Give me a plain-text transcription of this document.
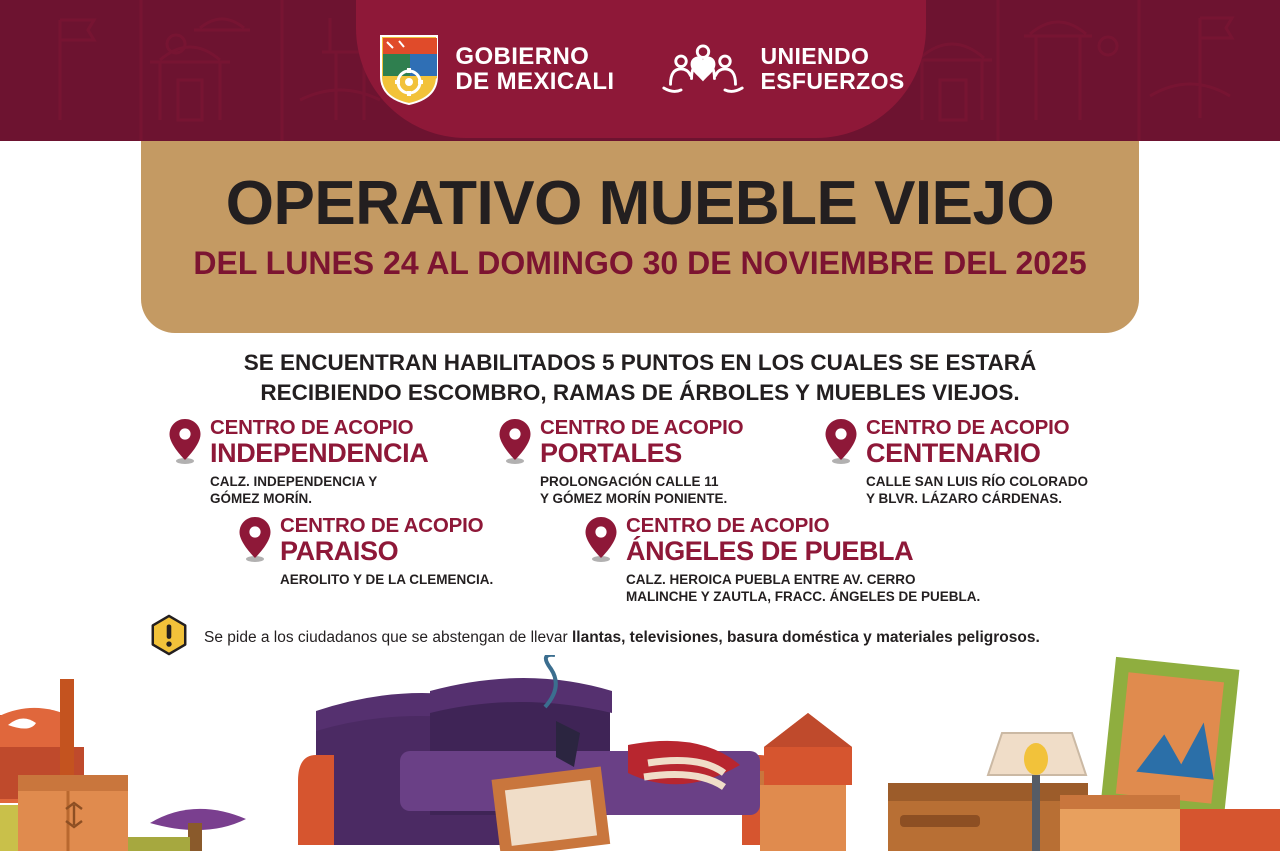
GOBIERNO
DE MEXICALI
UNIENDO
ESFUERZOS
OPERATIVO MUEBLE VIEJO
DEL LUNES 24 AL DOMINGO 30 DE NOVIEMBRE DEL 2025
SE ENCUENTRAN HABILITADOS 5 PUNTOS EN LOS CUALES SE ESTARÁ
RECIBIENDO ESCOMBRO, RAMAS DE ÁRBOLES Y MUEBLES VIEJOS.
CENTRO DE ACOPIO
INDEPENDENCIA
CALZ. INDEPENDENCIA Y
GÓMEZ MORÍN.
CENTRO DE ACOPIO
PORTALES
PROLONGACIÓN CALLE 11
Y GÓMEZ MORÍN PONIENTE.
CENTRO DE ACOPIO
CENTENARIO
CALLE SAN LUIS RÍO COLORADO
Y BLVR. LÁZARO CÁRDENAS.
CENTRO DE ACOPIO
PARAISO
AEROLITO Y DE LA CLEMENCIA.
CENTRO DE ACOPIO
ÁNGELES DE PUEBLA
CALZ. HEROICA PUEBLA ENTRE AV. CERRO
MALINCHE Y ZAUTLA, FRACC. ÁNGELES DE PUEBLA.
Se pide a los ciudadanos que se abstengan de llevar llantas, televisiones, basura doméstica y materiales peligrosos.
